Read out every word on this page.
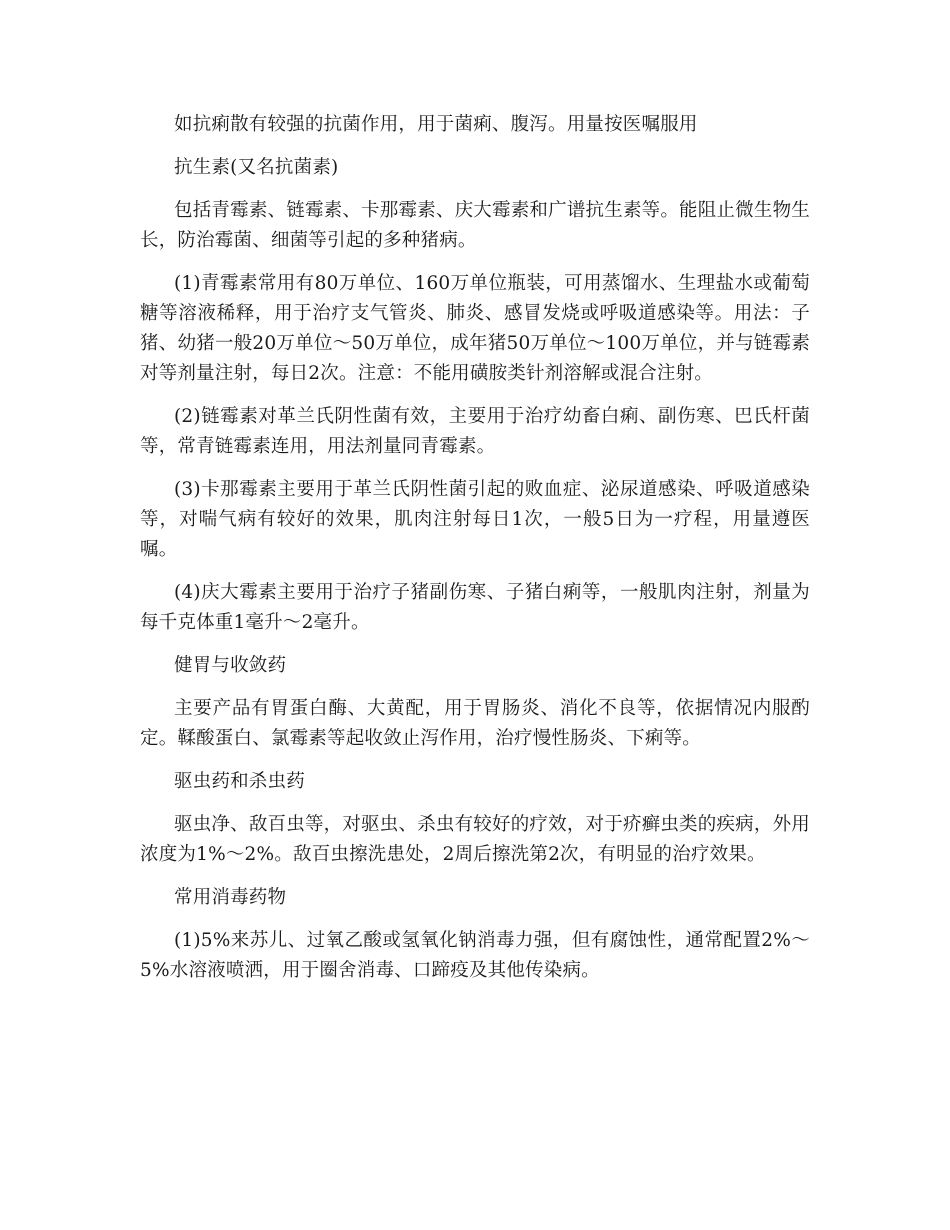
如抗痢散有较强的抗菌作用，用于菌痢、腹泻。用量按医嘱服用

抗生素(又名抗菌素)

包括青霉素、链霉素、卡那霉素、庆大霉素和广谱抗生素等。能阻止微生物生长，防治霉菌、细菌等引起的多种猪病。

(1)青霉素常用有80万单位、160万单位瓶装，可用蒸馏水、生理盐水或葡萄糖等溶液稀释，用于治疗支气管炎、肺炎、感冒发烧或呼吸道感染等。用法：子猪、幼猪一般20万单位～50万单位，成年猪50万单位～100万单位，并与链霉素对等剂量注射，每日2次。注意：不能用磺胺类针剂溶解或混合注射。

(2)链霉素对革兰氏阴性菌有效，主要用于治疗幼畜白痢、副伤寒、巴氏杆菌等，常青链霉素连用，用法剂量同青霉素。

(3)卡那霉素主要用于革兰氏阴性菌引起的败血症、泌尿道感染、呼吸道感染等，对喘气病有较好的效果，肌肉注射每日1次，一般5日为一疗程，用量遵医嘱。

(4)庆大霉素主要用于治疗子猪副伤寒、子猪白痢等，一般肌肉注射，剂量为每千克体重1毫升～2毫升。

健胃与收敛药

主要产品有胃蛋白酶、大黄配，用于胃肠炎、消化不良等，依据情况内服酌定。鞣酸蛋白、氯霉素等起收敛止泻作用，治疗慢性肠炎、下痢等。

驱虫药和杀虫药

驱虫净、敌百虫等，对驱虫、杀虫有较好的疗效，对于疥癣虫类的疾病，外用浓度为1%～2%。敌百虫擦洗患处，2周后擦洗第2次，有明显的治疗效果。

常用消毒药物

(1)5%来苏儿、过氧乙酸或氢氧化钠消毒力强，但有腐蚀性，通常配置2%～5%水溶液喷洒，用于圈舍消毒、口蹄疫及其他传染病。
